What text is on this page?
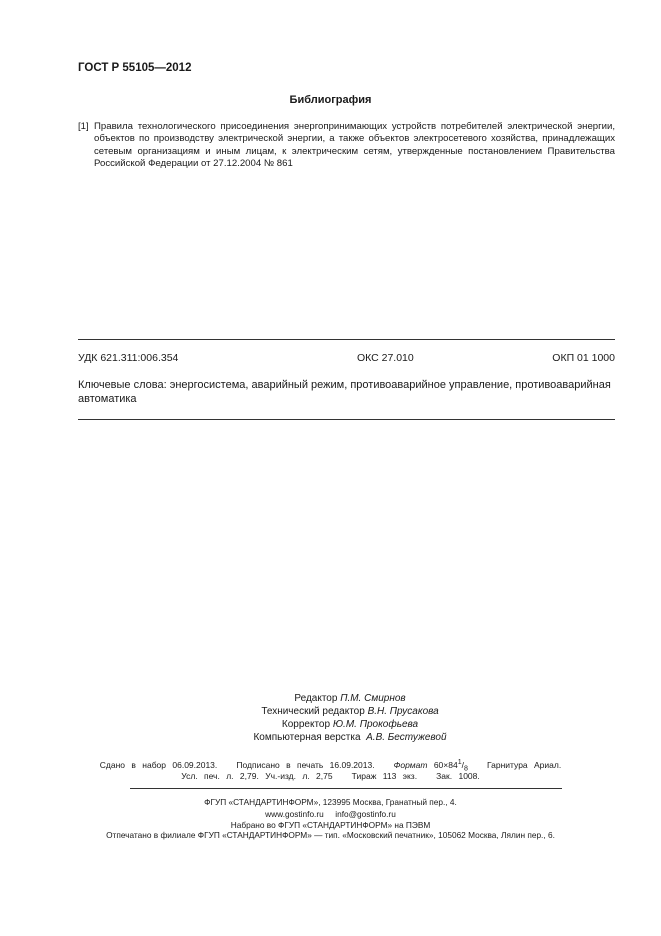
ГОСТ Р 55105—2012
Библиография
[1] Правила технологического присоединения энергопринимающих устройств потребителей электрической энергии, объектов по производству электрической энергии, а также объектов электросетевого хозяйства, принадлежащих сетевым организациям и иным лицам, к электрическим сетям, утвержденные постановлением Правительства Российской Федерации от 27.12.2004 № 861
УДК 621.311:006.354	ОКС 27.010	ОКП 01 1000
Ключевые слова: энергосистема, аварийный режим, противоаварийное управление, противоаварийная автоматика
Редактор П.М. Смирнов
Технический редактор В.Н. Прусакова
Корректор Ю.М. Прокофьева
Компьютерная верстка А.В. Бестужевой
Сдано в набор 06.09.2013. Подписано в печать 16.09.2013. Формат $60\times 84^1/_8$ Гарнитура Ариал.
Усл. печ. л. 2,79. Уч.-изд. л. 2,75 Тираж 113 экз. Зак. 1008.
ФГУП «СТАНДАРТИНФОРМ», 123995 Москва, Гранатный пер., 4.
www.gostinfo.ru     info@gostinfo.ru
Набрано во ФГУП «СТАНДАРТИНФОРМ» на ПЭВМ
Отпечатано в филиале ФГУП «СТАНДАРТИНФОРМ» — тип. «Московский печатник», 105062 Москва, Лялин пер., 6.
